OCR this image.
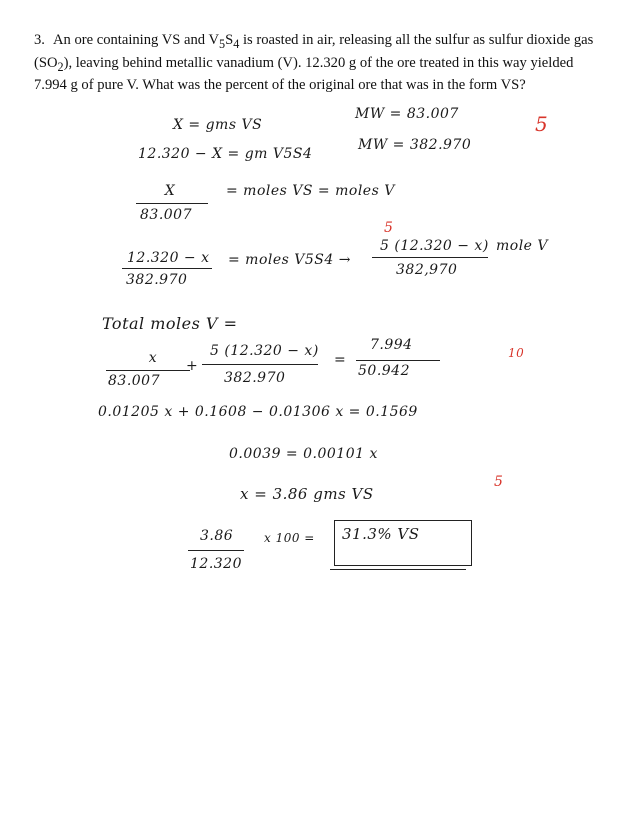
3. An ore containing VS and $V_5S_4$ is roasted in air, releasing all the sulfur as sulfur dioxide gas $(SO_2)$, leaving behind metallic vanadium (V). 12.320 g of the ore treated in this way yielded 7.994 g of pure V. What was the percent of the original ore that was in the form VS?
X = gms VS
MW = 83.007	5
12.320 − X = gm V5S4
MW = 382.970
X
83.007
= moles VS = moles V
5
12.320 − x
382.970
= moles V5S4 →
5 (12.320 − x)
382,970
mole V
Total moles V =
x
83.007
+
5 (12.320 − x)
382.970
=
7.994
50.942
10
0.01205 x + 0.1608 − 0.01306 x = 0.1569
0.0039 = 0.00101 x
x = 3.86 gms VS
5
3.86
12.320
x 100 = 31.3% VS
